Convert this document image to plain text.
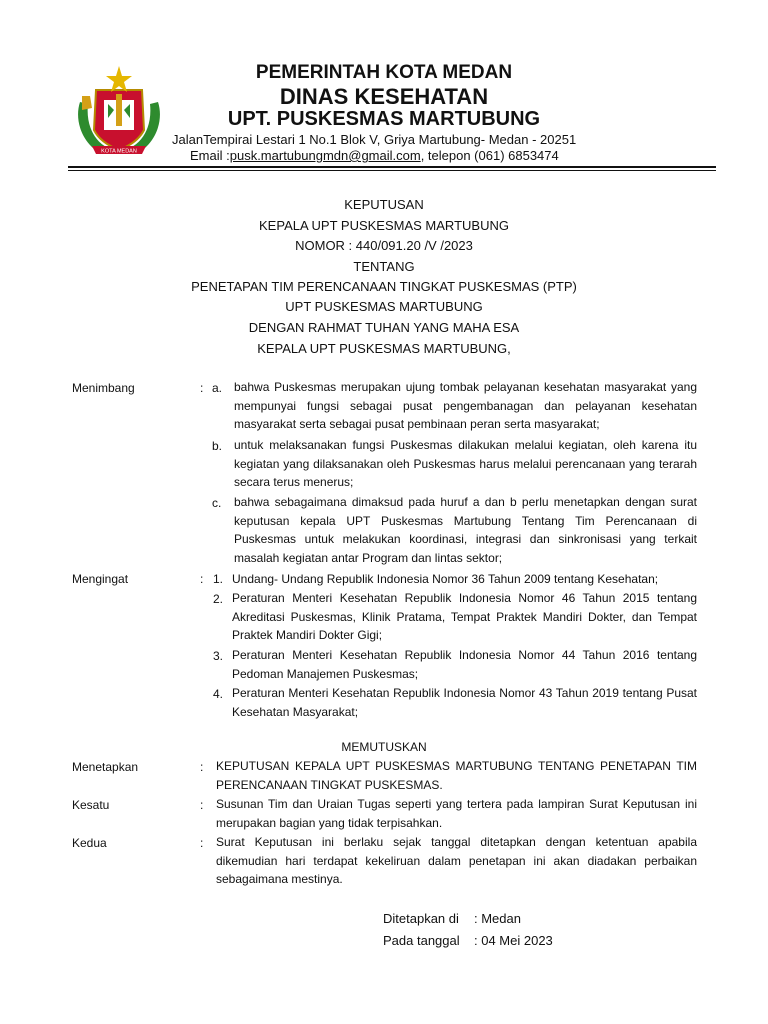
KOTA MEDAN
PEMERINTAH KOTA MEDAN
DINAS KESEHATAN
UPT. PUSKESMAS MARTUBUNG
JalanTempirai Lestari 1 No.1 Blok V, Griya Martubung- Medan - 20251
Email :pusk.martubungmdn@gmail.com, telepon (061) 6853474
KEPUTUSAN
KEPALA UPT PUSKESMAS MARTUBUNG
NOMOR : 440/091.20 /V /2023
TENTANG
PENETAPAN TIM PERENCANAAN TINGKAT PUSKESMAS (PTP)
UPT PUSKESMAS MARTUBUNG
DENGAN RAHMAT TUHAN YANG MAHA ESA
KEPALA UPT PUSKESMAS MARTUBUNG,
Menimbang	: a. bahwa Puskesmas merupakan ujung tombak pelayanan kesehatan masyarakat yang mempunyai fungsi sebagai pusat pengembanagan dan pelayanan kesehatan masyarakat serta sebagai pusat pembinaan peran serta masyarakat;
b. untuk melaksanakan fungsi Puskesmas dilakukan melalui kegiatan, oleh karena itu kegiatan yang dilaksanakan oleh Puskesmas harus melalui perencanaan yang terarah secara terus menerus;
c. bahwa sebagaimana dimaksud pada huruf a dan b perlu menetapkan dengan surat keputusan kepala UPT Puskesmas Martubung Tentang Tim Perencanaan di Puskesmas untuk melakukan koordinasi, integrasi dan sinkronisasi yang terkait masalah kegiatan antar Program dan lintas sektor;
Mengingat	: 1. Undang- Undang Republik Indonesia Nomor 36 Tahun 2009 tentang Kesehatan;
2. Peraturan Menteri Kesehatan Republik Indonesia Nomor 46 Tahun 2015 tentang Akreditasi Puskesmas, Klinik Pratama, Tempat Praktek Mandiri Dokter, dan Tempat Praktek Mandiri Dokter Gigi;
3. Peraturan Menteri Kesehatan Republik Indonesia Nomor 44 Tahun 2016 tentang Pedoman Manajemen Puskesmas;
4. Peraturan Menteri Kesehatan Republik Indonesia Nomor 43 Tahun 2019 tentang Pusat Kesehatan Masyarakat;
MEMUTUSKAN
Menetapkan	: KEPUTUSAN KEPALA UPT PUSKESMAS MARTUBUNG TENTANG PENETAPAN TIM PERENCANAAN TINGKAT PUSKESMAS.
Kesatu	: Susunan Tim dan Uraian Tugas seperti yang tertera pada lampiran Surat Keputusan ini merupakan bagian yang tidak terpisahkan.
Kedua	: Surat Keputusan ini berlaku sejak tanggal ditetapkan dengan ketentuan apabila dikemudian hari terdapat kekeliruan dalam penetapan ini akan diadakan perbaikan sebagaimana mestinya.
Ditetapkan di : Medan
Pada tanggal : 04 Mei 2023
